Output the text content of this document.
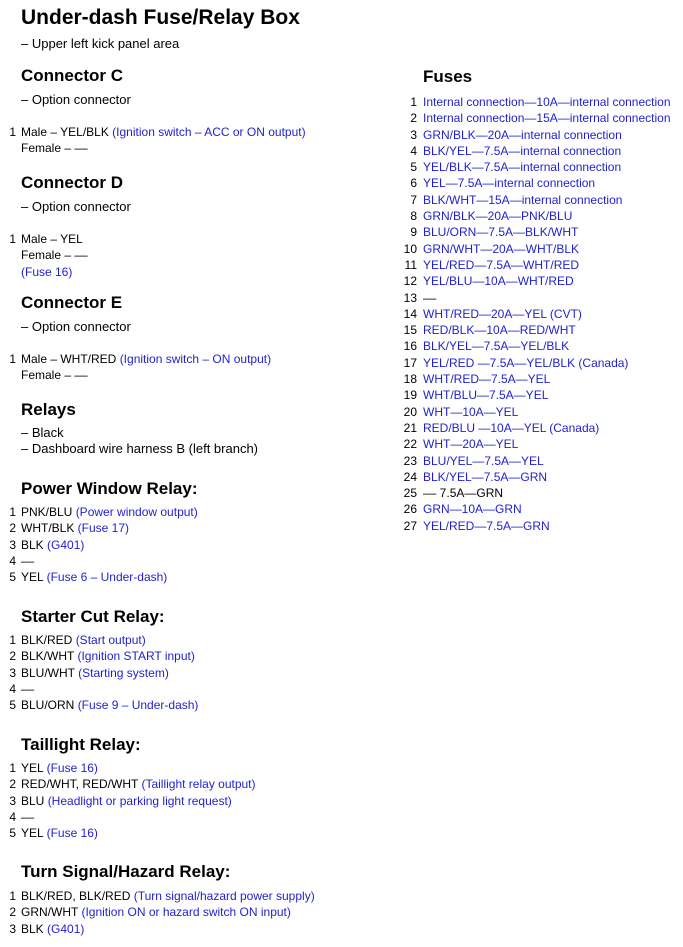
Under-dash Fuse/Relay Box
– Upper left kick panel area
Connector C
– Option connector
1 Male – YEL/BLK (Ignition switch – ACC or ON output)
Female – ––
Connector D
– Option connector
1 Male – YEL
Female – ––
(Fuse 16)
Connector E
– Option connector
1 Male – WHT/RED (Ignition switch – ON output)
Female – ––
Relays
– Black
– Dashboard wire harness B (left branch)
Power Window Relay:
1 PNK/BLU (Power window output)
2 WHT/BLK (Fuse 17)
3 BLK (G401)
4 ––
5 YEL (Fuse 6 – Under-dash)
Starter Cut Relay:
1 BLK/RED (Start output)
2 BLK/WHT (Ignition START input)
3 BLU/WHT (Starting system)
4 ––
5 BLU/ORN (Fuse 9 – Under-dash)
Taillight Relay:
1 YEL (Fuse 16)
2 RED/WHT, RED/WHT (Taillight relay output)
3 BLU (Headlight or parking light request)
4 ––
5 YEL (Fuse 16)
Turn Signal/Hazard Relay:
1 BLK/RED, BLK/RED (Turn signal/hazard power supply)
2 GRN/WHT (Ignition ON or hazard switch ON input)
3 BLK (G401)
Fuses
1 Internal connection—10A—internal connection
2 Internal connection—15A—internal connection
3 GRN/BLK—20A—internal connection
4 BLK/YEL—7.5A—internal connection
5 YEL/BLK—7.5A—internal connection
6 YEL—7.5A—internal connection
7 BLK/WHT—15A—internal connection
8 GRN/BLK—20A—PNK/BLU
9 BLU/ORN—7.5A—BLK/WHT
10 GRN/WHT—20A—WHT/BLK
11 YEL/RED—7.5A—WHT/RED
12 YEL/BLU—10A—WHT/RED
13 ––
14 WHT/RED—20A—YEL (CVT)
15 RED/BLK—10A—RED/WHT
16 BLK/YEL—7.5A—YEL/BLK
17 YEL/RED —7.5A—YEL/BLK (Canada)
18 WHT/RED—7.5A—YEL
19 WHT/BLU—7.5A—YEL
20 WHT—10A—YEL
21 RED/BLU —10A—YEL (Canada)
22 WHT—20A—YEL
23 BLU/YEL—7.5A—YEL
24 BLK/YEL—7.5A—GRN
25 –– 7.5A—GRN
26 GRN—10A—GRN
27 YEL/RED—7.5A—GRN
